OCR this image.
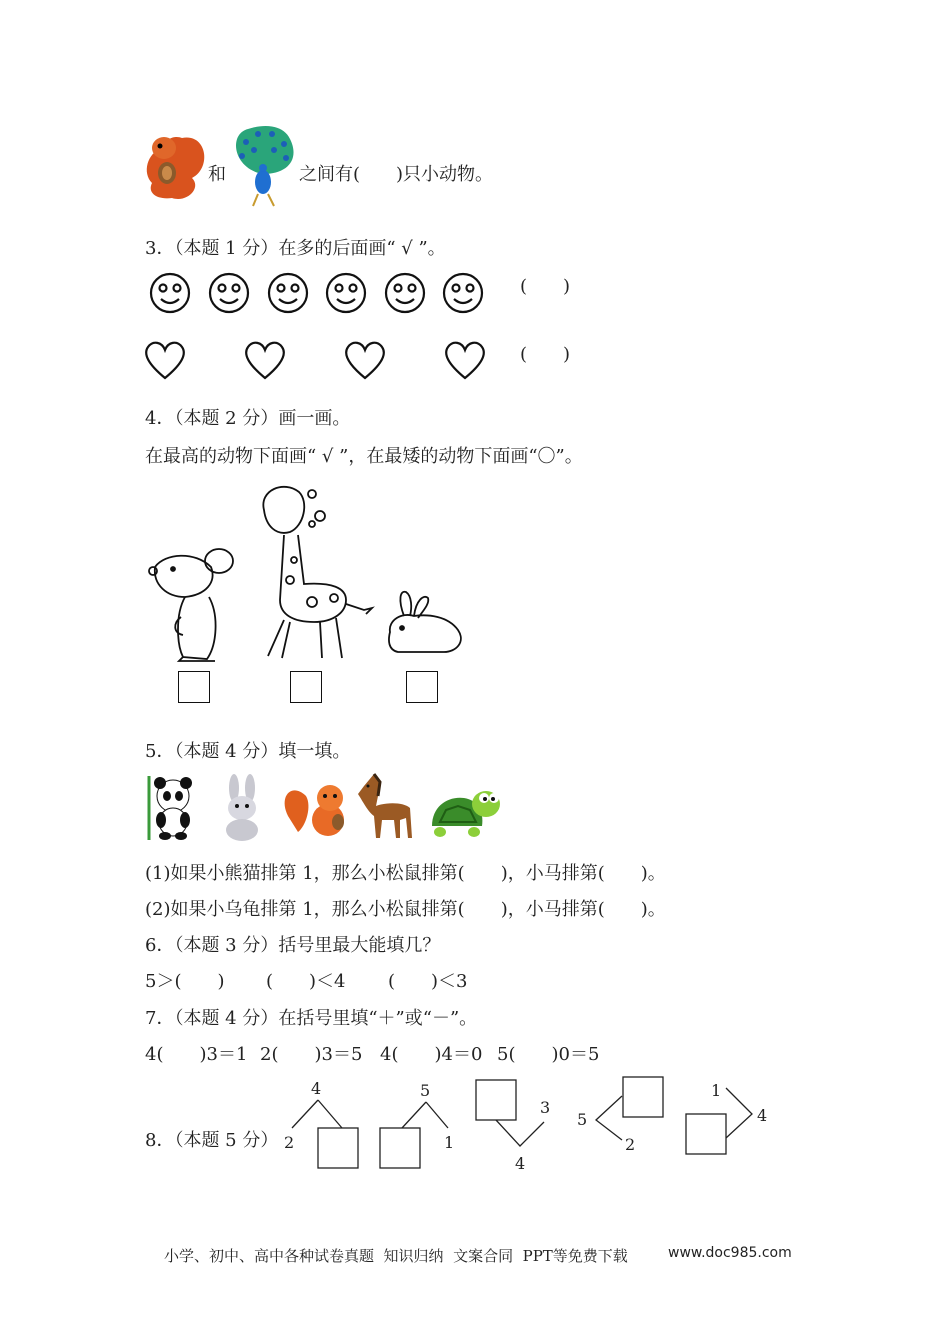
和	之间有(　　)只小动物。
3．（本题 1 分）在多的后面画“ √ ”。
(　　)
(　　)
4．（本题 2 分）画一画。
在最高的动物下面画“ √ ”，在最矮的动物下面画“〇”。
5．（本题 4 分）填一填。
(1)如果小熊猫排第 1，那么小松鼠排第(　　)，小马排第(　　)。
(2)如果小乌龟排第 1，那么小松鼠排第(　　)，小马排第(　　)。
6．（本题 3 分）括号里最大能填几？
5＞(　　) (　　)＜4 (　　)＜3
7．（本题 4 分）在括号里填“＋”或“－”。
4(　　)3＝1 2(　　)3＝5 4(　　)4＝0 5(　　)0＝5
8．（本题 5 分）
4
2
5
1
3
4
5
2
1
4
小学、初中、高中各种试卷真题  知识归纳  文案合同  PPT等免费下载	www.doc985.com
